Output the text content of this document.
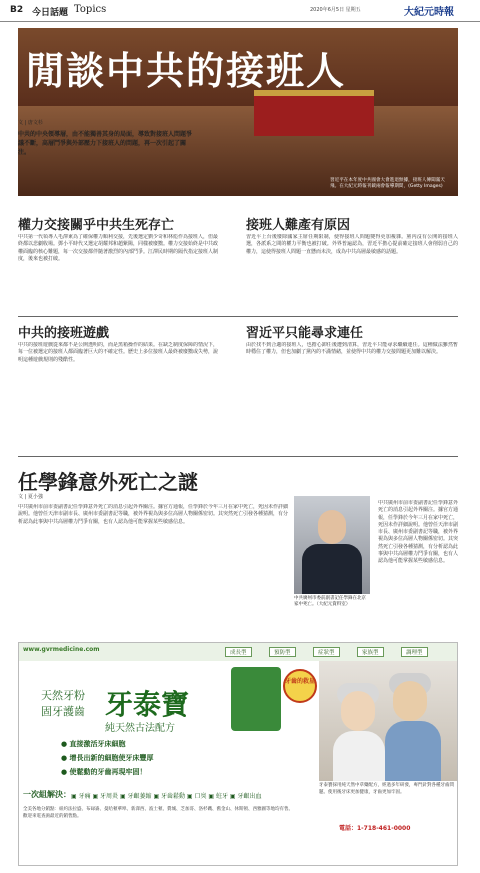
B2 今日話題 Topics	2020年6月5日 星期五	大紀元時報
閒談中共的接班人
習近平在本年度中共國會大會進退無據，接班人傳聞滿天飛。在大紀元時報刊載兩會報導期間，(Getty Images)
文 | 唐文杉
中共的中央領導層，由不能獨善其身的局面，導致對接班人問題爭議不斷，高層鬥爭與外部壓力下接班人的問題，再一次引起了關注。
權力交接關乎中共生死存亡
中共第一代領導人毛澤東為了確保權力順利交接，先後選定劉少奇和林彪作為接班人，但最終都以悲劇收場。鄧小平時代又選定胡耀邦和趙紫陽，同樣被廢黜。權力交接始終是中共政權面臨的核心難題，每一次交接都伴隨著激烈的內部鬥爭。江澤民時期的隔代指定接班人制度，後來也被打破。
接班人難產有原因
習近平上台後廢除國家主席任期限制，使得接班人問題變得更加複雜。黨內沒有公開的接班人選，各派系之間的權力平衡也被打破。外界普遍認為，習近平擔心提前確定接班人會削弱自己的權力，這使得接班人問題一直懸而未決，成為中共高層最敏感的話題。
中共的接班遊戲
中共的接班遊戲從來都不是公開透明的，而是黑箱操作的結果。在缺乏制度保障的情況下，每一位被選定的接班人都面臨著巨大的不確定性。歷史上多位接班人最終被廢黜或失勢，說明這種遊戲規則的殘酷性。
習近平只能尋求連任
由於找不到合適的接班人，也擔心卸任後遭到清算，習近平只能尋求繼續連任。這種做法雖然暫時穩住了權力，但也加劇了黨內的不滿情緒，並使得中共的權力交接問題更加難以解決。
任學鋒意外死亡之謎
文 | 夏小強
中共廣州市前市委副書記任學鋒意外死亡的消息引起外界關注。據官方通報，任學鋒於今年三月在家中死亡，死因未作詳細說明。他曾任天津市副市長、廣州市委副書記等職，被外界視為與多位高層人物關係密切。其突然死亡引發各種猜測，有分析認為此事與中共高層權力鬥爭有關，也有人認為他可能掌握某些敏感信息。
中共廣州市委前副書記任學鋒在北京家中死亡。（大紀元資料室）
中共廣州市前市委副書記任學鋒意外死亡的消息引起外界關注。據官方通報，任學鋒於今年三月在家中死亡，死因未作詳細說明。他曾任天津市副市長、廣州市委副書記等職，被外界視為與多位高層人物關係密切。其突然死亡引發各種猜測，有分析認為此事與中共高層權力鬥爭有關，也有人認為他可能掌握某些敏感信息。
www.gvrmedicine.com	成長型	預防型	症狀型	家族型	調理型
天然牙粉
固牙護齒 牙泰寶
純天然古法配方
● 直接激活牙床細胞
● 增長出新的細胞使牙床豐厚
● 使鬆動的牙齒再現牢固！
牙齒的救星
一次組解決： ▣ 牙痛 ▣ 牙周炎 ▣ 牙齦萎縮 ▣ 牙齒鬆動 ▣ 口臭 ▣ 蛀牙 ▣ 牙齦出血
全美各地分銷點：紐約法拉盛、布碌崙、曼哈頓華埠、新澤西、波士頓、費城、芝加哥、洛杉磯、舊金山、休斯頓、西雅圖等地均有售。歡迎來電查詢最近的銷售點。
牙泰寶採用純天然中草藥配方，經過多年研發，專門針對各種牙齒問題。使用後牙床更加健康，牙齒更加牢固。
電話：1-718-461-0000
